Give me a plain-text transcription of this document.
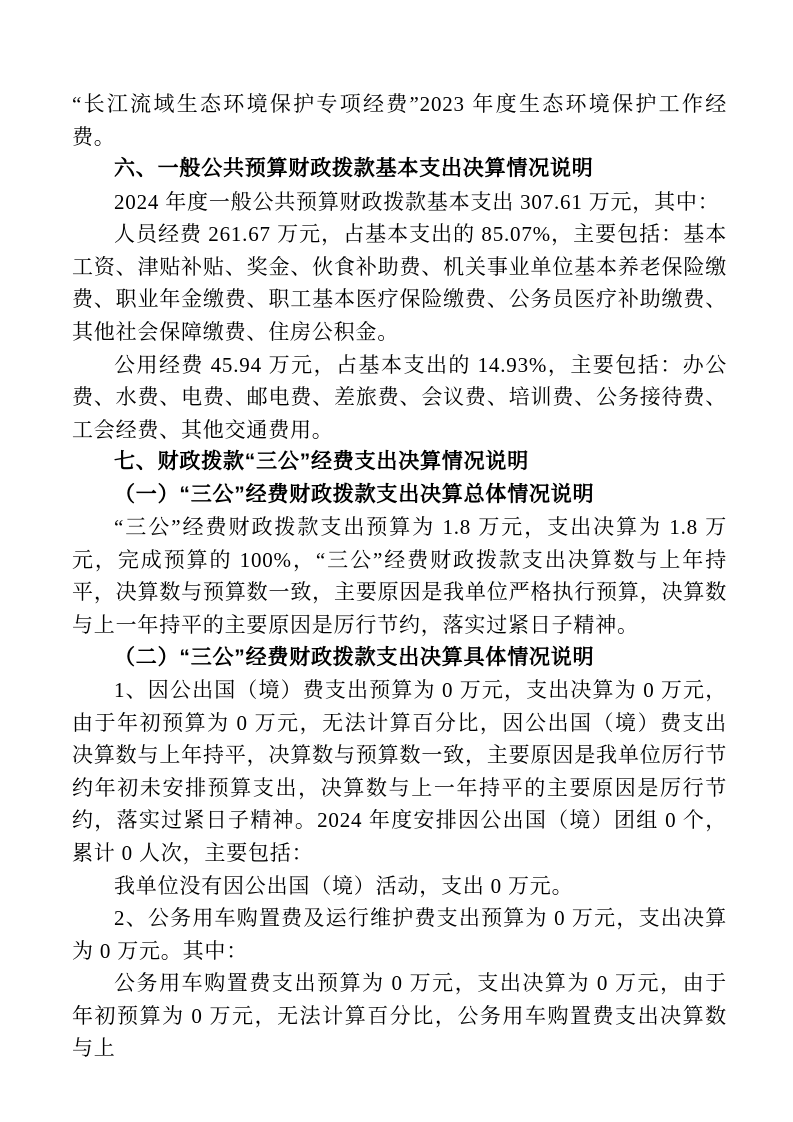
“长江流域生态环境保护专项经费”2023 年度生态环境保护工作经费。

六、一般公共预算财政拨款基本支出决算情况说明

2024 年度一般公共预算财政拨款基本支出 307.61 万元，其中：

人员经费 261.67 万元，占基本支出的 85.07%，主要包括：基本工资、津贴补贴、奖金、伙食补助费、机关事业单位基本养老保险缴费、职业年金缴费、职工基本医疗保险缴费、公务员医疗补助缴费、其他社会保障缴费、住房公积金。

公用经费 45.94 万元，占基本支出的 14.93%，主要包括：办公费、水费、电费、邮电费、差旅费、会议费、培训费、公务接待费、工会经费、其他交通费用。

七、财政拨款“三公”经费支出决算情况说明

（一）“三公”经费财政拨款支出决算总体情况说明

“三公”经费财政拨款支出预算为 1.8 万元，支出决算为 1.8 万元，完成预算的 100%，“三公”经费财政拨款支出决算数与上年持平，决算数与预算数一致，主要原因是我单位严格执行预算，决算数与上一年持平的主要原因是厉行节约，落实过紧日子精神。

（二）“三公”经费财政拨款支出决算具体情况说明

1、因公出国（境）费支出预算为 0 万元，支出决算为 0 万元，由于年初预算为 0 万元，无法计算百分比，因公出国（境）费支出决算数与上年持平，决算数与预算数一致，主要原因是我单位厉行节约年初未安排预算支出，决算数与上一年持平的主要原因是厉行节约，落实过紧日子精神。2024 年度安排因公出国（境）团组 0 个，累计 0 人次，主要包括：

我单位没有因公出国（境）活动，支出 0 万元。

2、公务用车购置费及运行维护费支出预算为 0 万元，支出决算为 0 万元。其中：

公务用车购置费支出预算为 0 万元，支出决算为 0 万元，由于年初预算为 0 万元，无法计算百分比，公务用车购置费支出决算数与上
